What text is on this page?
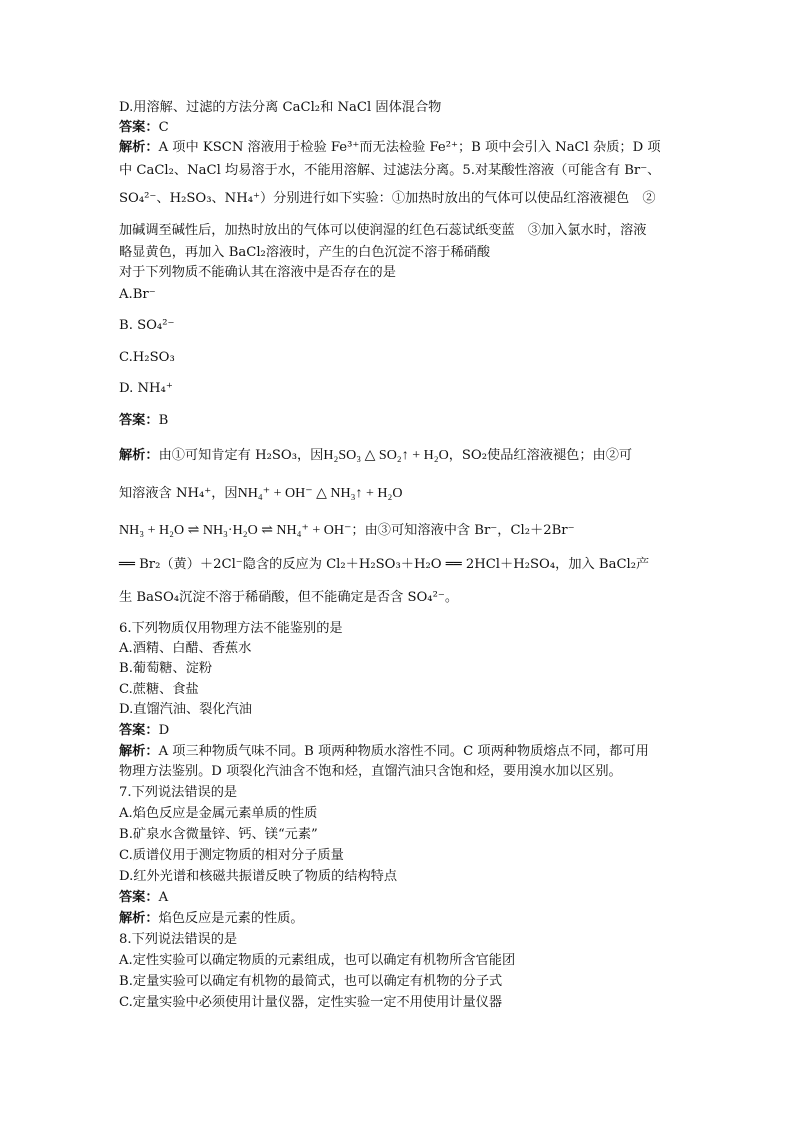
D.用溶解、过滤的方法分离 CaCl₂和 NaCl 固体混合物
答案：C
解析：A 项中 KSCN 溶液用于检验 Fe³⁺而无法检验 Fe²⁺；B 项中会引入 NaCl 杂质；D 项
中 CaCl₂、NaCl 均易溶于水，不能用溶解、过滤法分离。5.对某酸性溶液（可能含有 Br⁻、
SO₄²⁻、H₂SO₃、NH₄⁺）分别进行如下实验：①加热时放出的气体可以使品红溶液褪色　②
加碱调至碱性后，加热时放出的气体可以使润湿的红色石蕊试纸变蓝　③加入氯水时，溶液
略显黄色，再加入 BaCl₂溶液时，产生的白色沉淀不溶于稀硝酸
对于下列物质不能确认其在溶液中是否存在的是
A.Br⁻
B. SO₄²⁻
C.H₂SO₃
D. NH₄⁺
答案：B
解析：由①可知肯定有 H₂SO₃，因H₂SO₃ △ SO₂↑ + H₂O，SO₂使品红溶液褪色；由②可
知溶液含 NH₄⁺，因NH₄⁺ + OH⁻ △ NH₃↑ + H₂O
NH₃ + H₂O ⇌ NH₃·H₂O ⇌ NH₄⁺ + OH⁻；由③可知溶液中含 Br⁻，Cl₂＋2Br⁻
══ Br₂（黄）＋2Cl⁻隐含的反应为 Cl₂＋H₂SO₃＋H₂O ══ 2HCl＋H₂SO₄，加入 BaCl₂产
生 BaSO₄沉淀不溶于稀硝酸，但不能确定是否含 SO₄²⁻。
6.下列物质仅用物理方法不能鉴别的是
A.酒精、白醋、香蕉水
B.葡萄糖、淀粉
C.蔗糖、食盐
D.直馏汽油、裂化汽油
答案：D
解析：A 项三种物质气味不同。B 项两种物质水溶性不同。C 项两种物质熔点不同，都可用
物理方法鉴别。D 项裂化汽油含不饱和烃，直馏汽油只含饱和烃，要用溴水加以区别。
7.下列说法错误的是
A.焰色反应是金属元素单质的性质
B.矿泉水含微量锌、钙、镁“元素”
C.质谱仪用于测定物质的相对分子质量
D.红外光谱和核磁共振谱反映了物质的结构特点
答案：A
解析：焰色反应是元素的性质。
8.下列说法错误的是
A.定性实验可以确定物质的元素组成，也可以确定有机物所含官能团
B.定量实验可以确定有机物的最简式，也可以确定有机物的分子式
C.定量实验中必须使用计量仪器，定性实验一定不用使用计量仪器
